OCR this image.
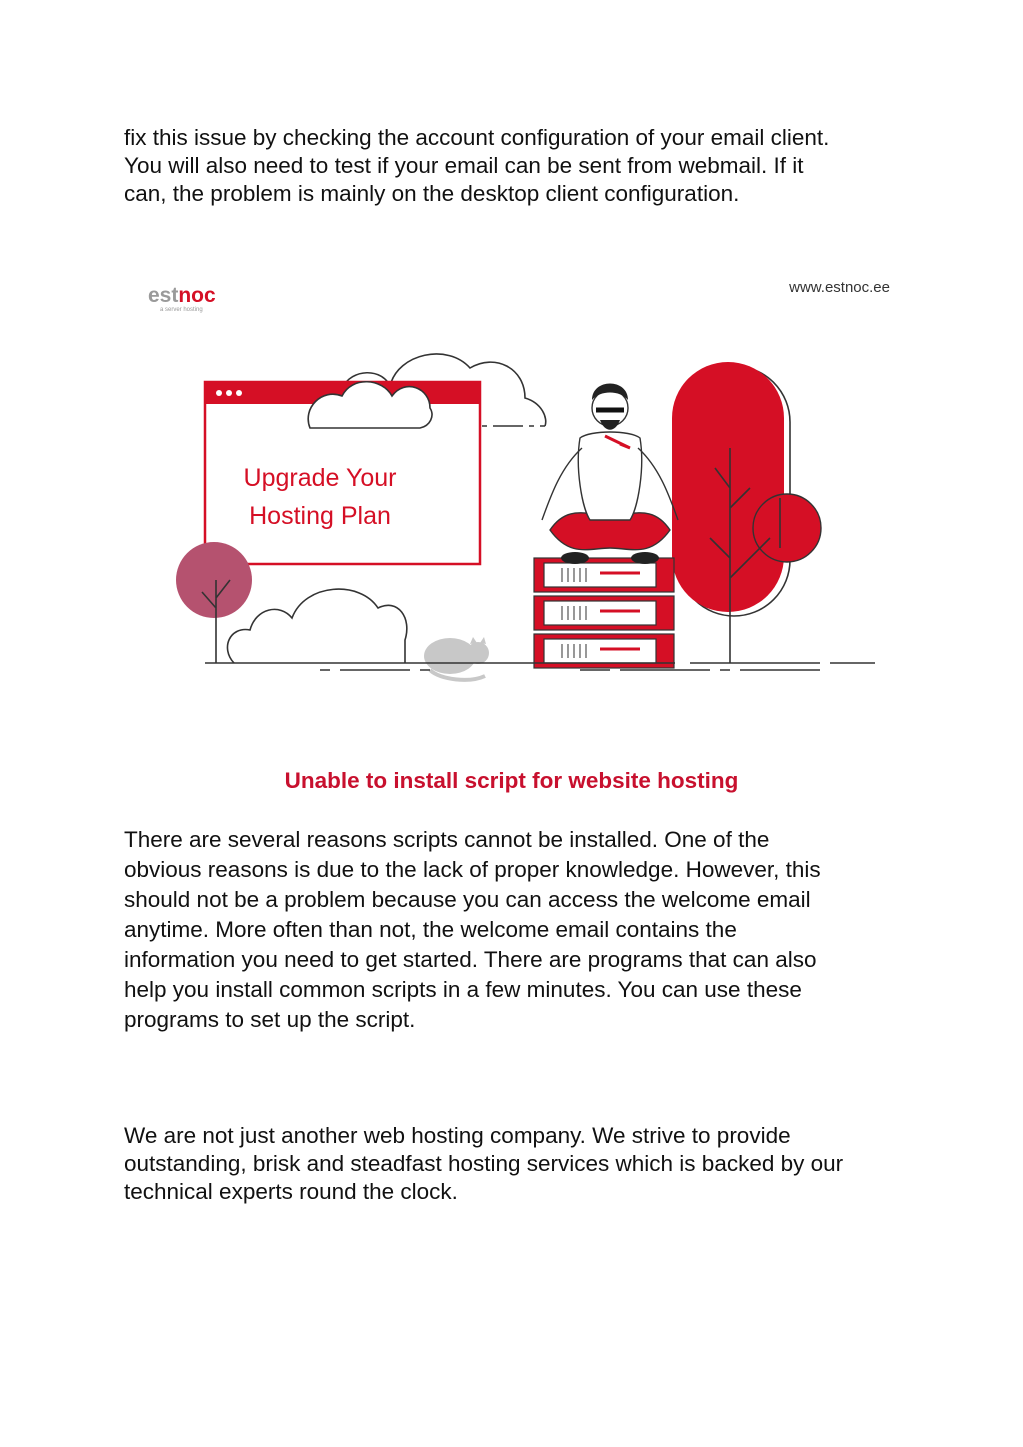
fix this issue by checking the account configuration of your email client.
You will also need to test if your email can be sent from webmail. If it
can, the problem is mainly on the desktop client configuration.

estnoc
a server hosting
www.estnoc.ee
Upgrade Your
Hosting Plan
Unable to install script for website hosting

There are several reasons scripts cannot be installed. One of the
obvious reasons is due to the lack of proper knowledge. However, this
should not be a problem because you can access the welcome email
anytime. More often than not, the welcome email contains the
information you need to get started. There are programs that can also
help you install common scripts in a few minutes. You can use these
programs to set up the script.

We are not just another web hosting company. We strive to provide
outstanding, brisk and steadfast hosting services which is backed by our
technical experts round the clock.
